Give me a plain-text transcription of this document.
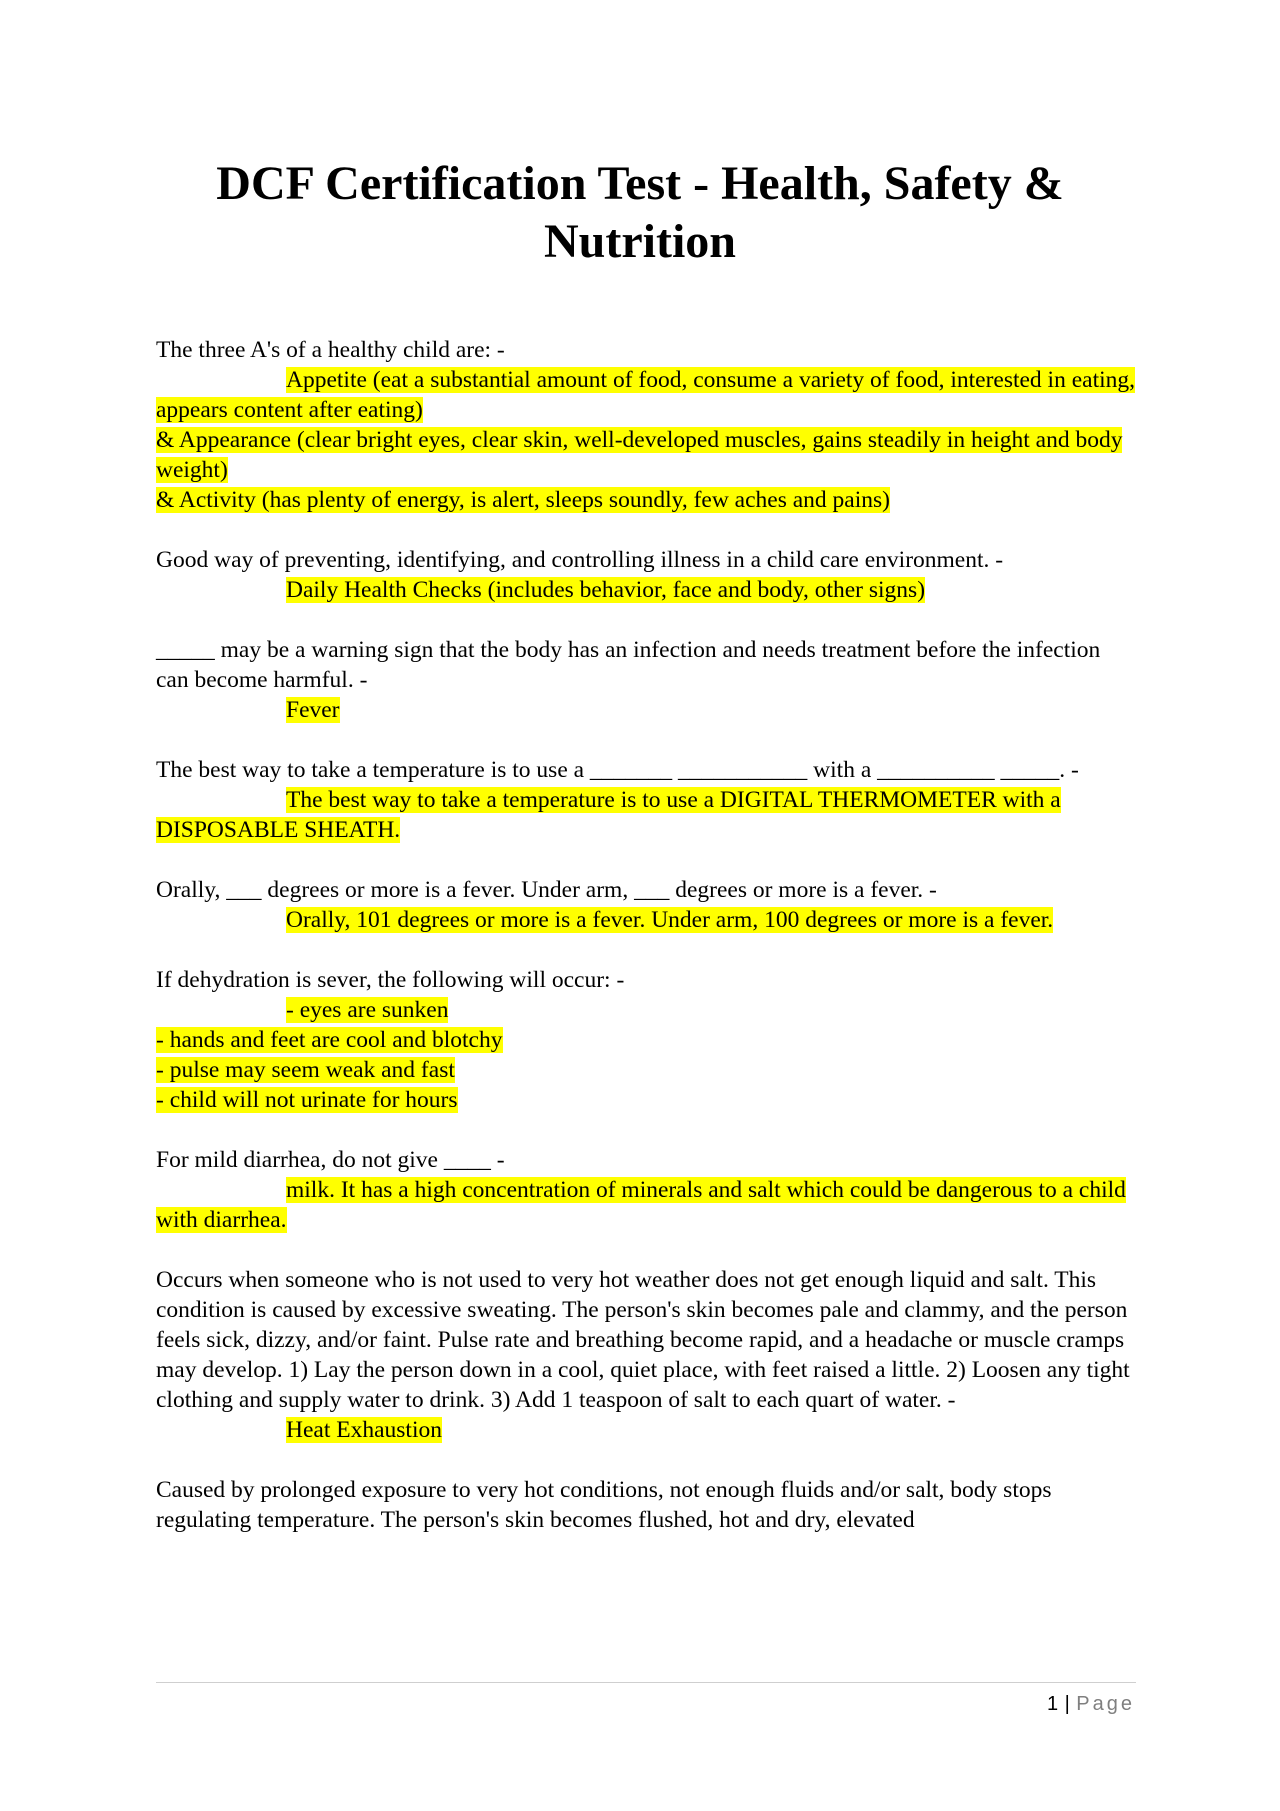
DCF Certification Test - Health, Safety & Nutrition

The three A's of a healthy child are: -

Appetite (eat a substantial amount of food, consume a variety of food, interested in eating, appears content after eating)
& Appearance (clear bright eyes, clear skin, well-developed muscles, gains steadily in height and body weight)
& Activity (has plenty of energy, is alert, sleeps soundly, few aches and pains)

Good way of preventing, identifying, and controlling illness in a child care environment. -

Daily Health Checks (includes behavior, face and body, other signs)

_____ may be a warning sign that the body has an infection and needs treatment before the infection can become harmful. -

Fever

The best way to take a temperature is to use a _______ ___________ with a __________ _____. -

The best way to take a temperature is to use a DIGITAL THERMOMETER with a DISPOSABLE SHEATH.

Orally, ___ degrees or more is a fever. Under arm, ___ degrees or more is a fever. -

Orally, 101 degrees or more is a fever. Under arm, 100 degrees or more is a fever.

If dehydration is sever, the following will occur: -

- eyes are sunken
- hands and feet are cool and blotchy
- pulse may seem weak and fast
- child will not urinate for hours

For mild diarrhea, do not give ____ -

milk. It has a high concentration of minerals and salt which could be dangerous to a child with diarrhea.

Occurs when someone who is not used to very hot weather does not get enough liquid and salt. This condition is caused by excessive sweating. The person's skin becomes pale and clammy, and the person feels sick, dizzy, and/or faint. Pulse rate and breathing become rapid, and a headache or muscle cramps may develop. 1) Lay the person down in a cool, quiet place, with feet raised a little. 2) Loosen any tight clothing and supply water to drink. 3) Add 1 teaspoon of salt to each quart of water. -

Heat Exhaustion

Caused by prolonged exposure to very hot conditions, not enough fluids and/or salt, body stops regulating temperature. The person's skin becomes flushed, hot and dry, elevated

1 | Page
